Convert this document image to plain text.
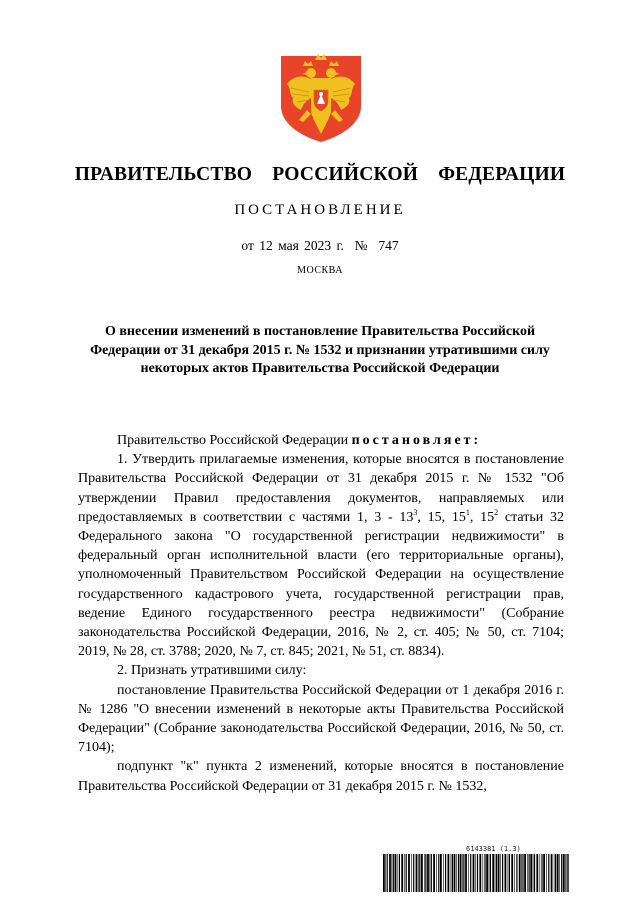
ПРАВИТЕЛЬСТВО  РОССИЙСКОЙ  ФЕДЕРАЦИИ
ПОСТАНОВЛЕНИЕ
от 12 мая 2023 г.  №  747
МОСКВА
О внесении изменений в постановление Правительства Российской Федерации от 31 декабря 2015 г. № 1532 и признании утратившими силу некоторых актов Правительства Российской Федерации

Правительство Российской Федерации постановляет:

1. Утвердить прилагаемые изменения, которые вносятся в постановление Правительства Российской Федерации от 31 декабря 2015 г. № 1532 "Об утверждении Правил предоставления документов, направляемых или предоставляемых в соответствии с частями 1, $3 - 13^3$, 15, $15^1$, $15^2$ статьи 32 Федерального закона "О государственной регистрации недвижимости" в федеральный орган исполнительной власти (его территориальные органы), уполномоченный Правительством Российской Федерации на осуществление государственного кадастрового учета, государственной регистрации прав, ведение Единого государственного реестра недвижимости" (Собрание законодательства Российской Федерации, 2016, № 2, ст. 405; № 50, ст. 7104; 2019, № 28, ст. 3788; 2020, № 7, ст. 845; 2021, № 51, ст. 8834).

2. Признать утратившими силу:

постановление Правительства Российской Федерации от 1 декабря 2016 г. № 1286 "О внесении изменений в некоторые акты Правительства Российской Федерации" (Собрание законодательства Российской Федерации, 2016, № 50, ст. 7104);

подпункт "к" пункта 2 изменений, которые вносятся в постановление Правительства Российской Федерации от 31 декабря 2015 г. № 1532,

6143381 (1.3)
